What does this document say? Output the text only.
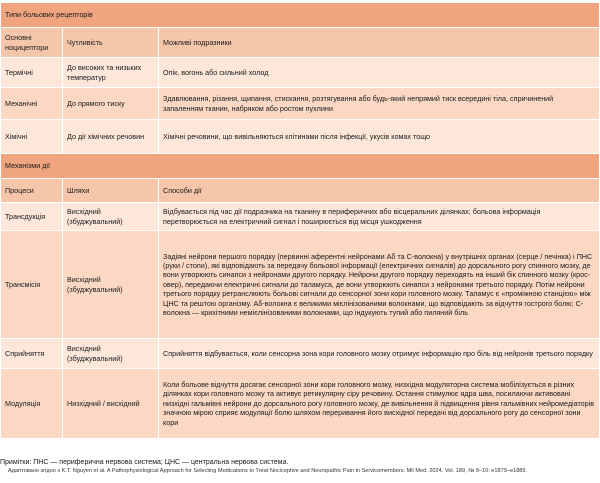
Типи больових рецепторів		
Основні ноцицептори	Чутливість	Можливі подразники
Термічні	До високих та низьких температур	Опік, вогонь або сильний холод
Механічні	До прямого тиску	Здавлювання, різання, щипання, стискання, розтягування або будь-який непрямий тиск всередині тіла, спричинений запаленням тканин, набряком або ростом пухлини
Хімічні	До дії хімічних речовин	Хімічні речовини, що вивільняються клітинами після інфекції, укусів комах тощо
Механізми дії		
Процеси	Шляхи	Способи дії
Трансдукція	Висхідний (збуджувальний)	Відбувається під час дії подразника на тканину в периферичних або вісцеральних ділянках; больова інформація перетворюється на електричний сигнал і поширюється від місця ушкодження
Трансмісія	Висхідний (збуджувальний)	Задіяні нейрони першого порядку (первинні аферентні нейронами Aδ та C-волокна) у внутрішніх органах (серце / печінка) і ПНС (руки / стопи), які відповідають за передачу больової інформації (електричних сигналів) до дорсального рогу спинного мозку, де вони утворюють синапси з нейронами другого порядку. Нейрони другого порядку переходять на інший бік спинного мозку (крос-овер), передаючи електричні сигнали до таламуса, де вони утворюють синапси з нейронами третього порядку. Потім нейрони третього порядку ретранслюють больові сигнали до сенсорної зони кори головного мозку. Таламус є «проміжною станцією» між ЦНС та рештою організму. Aδ-волокна є великими мієлінізованими волокнами, що відповідають за відчуття гострого болю; C-волокна — крихітними немієлінізованими волокнами, що індукують тупий або пиляний біль
Сприйняття	Висхідний (збуджувальний)	Сприйняття відбувається, коли сенсорна зона кори головного мозку отримує інформацію про біль від нейронів третього порядку
Модуляція	Низхідний / висхідний	Коли больове відчуття досягає сенсорної зони кори головного мозку, низхідна модуляторна система мобілізується в різних ділянках кори головного мозку та активує ретикулярну сіру речовину. Остання стимулює ядра шва, посилаючи активовані низхідні гальмівні нейрони до дорсального рогу головного мозку, де вивільнення й підвищення рівня гальмівних нейромедіаторів значною мірою сприяє модуляції болю шляхом переривання його висхідної передачі від дорсального рогу до сенсорної зони кори
Примітки: ПНС — периферична нервова система; ЦНС — центральна нервова система.
Адаптовано згідно з K.T. Nguyen et al. A Pathophysiological Approach for Selecting Medications to Treat Nociceptive and Neuropathic Pain in Servicemembers. Mil Med. 2024. Vol. 189, № 9–10: e1879–e1889.
